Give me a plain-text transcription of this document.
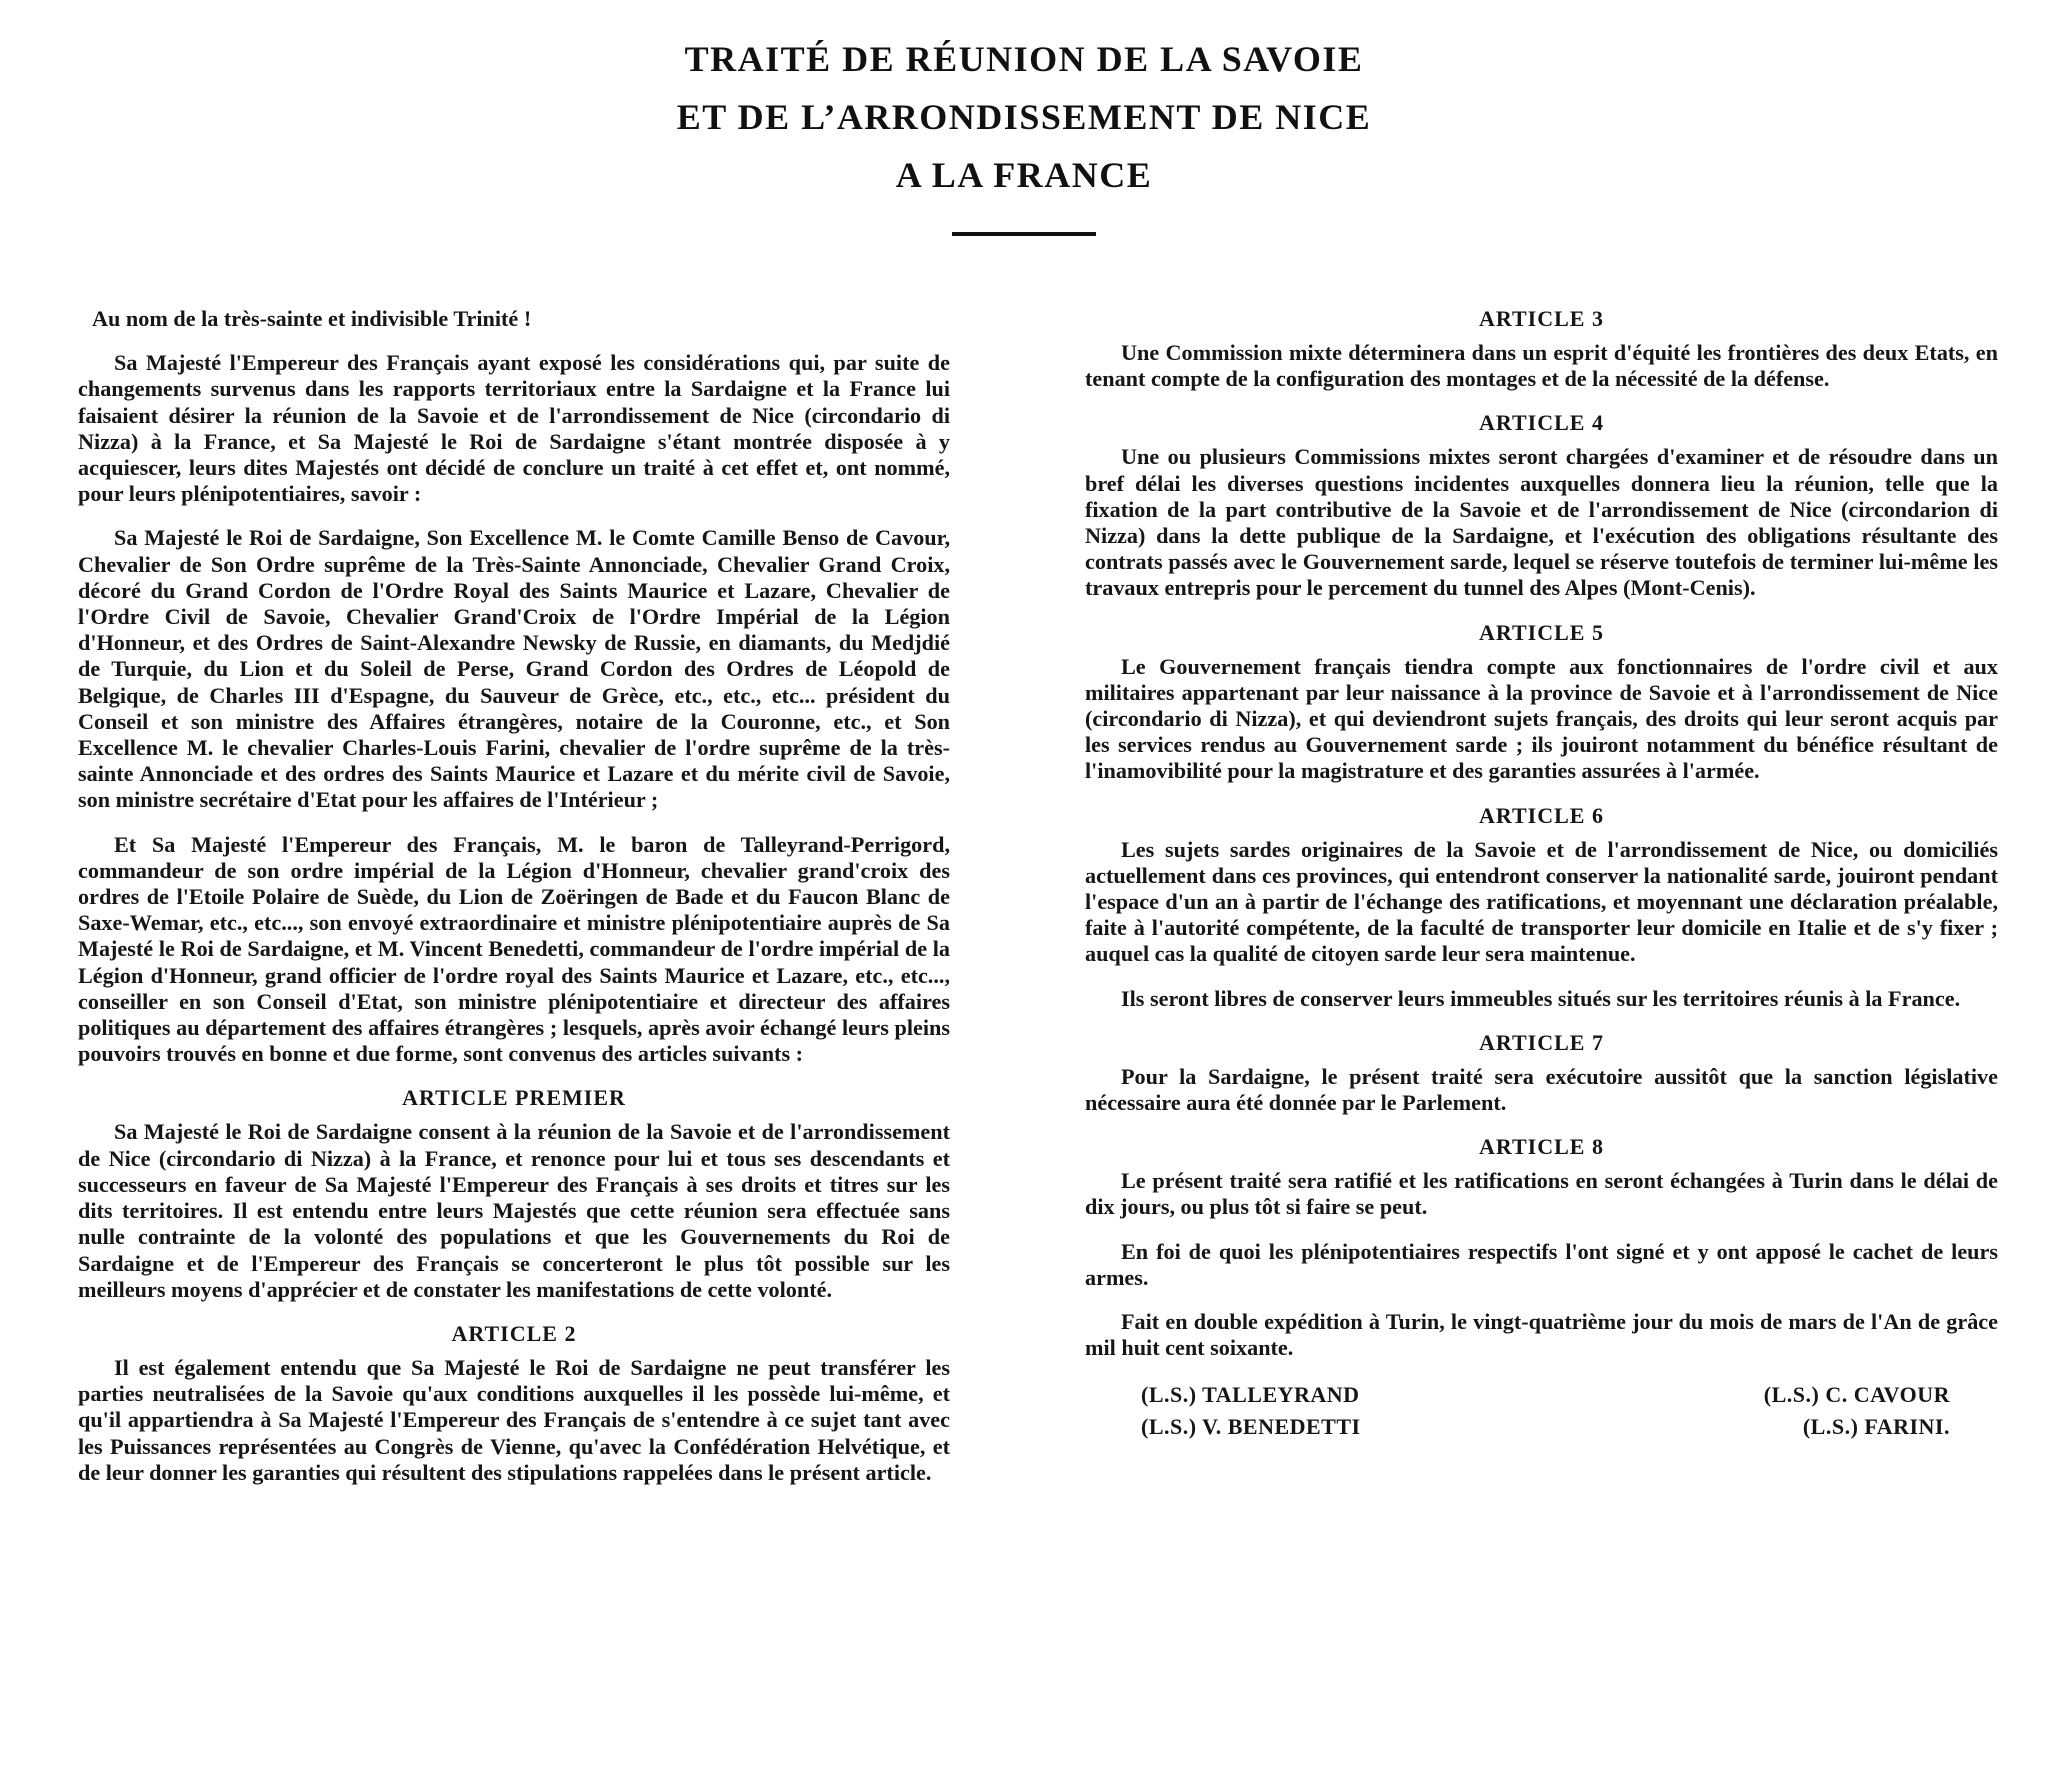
TRAITÉ DE RÉUNION DE LA SAVOIE
ET DE L’ARRONDISSEMENT DE NICE
A LA FRANCE

Au nom de la très-sainte et indivisible Trinité !

Sa Majesté l'Empereur des Français ayant exposé les considérations qui, par suite de changements survenus dans les rapports territoriaux entre la Sardaigne et la France lui faisaient désirer la réunion de la Savoie et de l'arrondissement de Nice (circondario di Nizza) à la France, et Sa Majesté le Roi de Sardaigne s'étant montrée disposée à y acquiescer, leurs dites Majestés ont décidé de conclure un traité à cet effet et, ont nommé, pour leurs plénipotentiaires, savoir :

Sa Majesté le Roi de Sardaigne, Son Excellence M. le Comte Camille Benso de Cavour, Chevalier de Son Ordre suprême de la Très-Sainte Annonciade, Chevalier Grand Croix, décoré du Grand Cordon de l'Ordre Royal des Saints Maurice et Lazare, Chevalier de l'Ordre Civil de Savoie, Chevalier Grand'Croix de l'Ordre Impérial de la Légion d'Honneur, et des Ordres de Saint-Alexandre Newsky de Russie, en diamants, du Medjdié de Turquie, du Lion et du Soleil de Perse, Grand Cordon des Ordres de Léopold de Belgique, de Charles III d'Espagne, du Sauveur de Grèce, etc., etc., etc... président du Conseil et son ministre des Affaires étrangères, notaire de la Couronne, etc., et Son Excellence M. le chevalier Charles-Louis Farini, chevalier de l'ordre suprême de la très-sainte Annonciade et des ordres des Saints Maurice et Lazare et du mérite civil de Savoie, son ministre secrétaire d'Etat pour les affaires de l'Intérieur ;

Et Sa Majesté l'Empereur des Français, M. le baron de Talleyrand-Perrigord, commandeur de son ordre impérial de la Légion d'Honneur, chevalier grand'croix des ordres de l'Etoile Polaire de Suède, du Lion de Zoëringen de Bade et du Faucon Blanc de Saxe-Wemar, etc., etc..., son envoyé extraordinaire et ministre plénipotentiaire auprès de Sa Majesté le Roi de Sardaigne, et M. Vincent Benedetti, commandeur de l'ordre impérial de la Légion d'Honneur, grand officier de l'ordre royal des Saints Maurice et Lazare, etc., etc..., conseiller en son Conseil d'Etat, son ministre plénipotentiaire et directeur des affaires politiques au département des affaires étrangères ; lesquels, après avoir échangé leurs pleins pouvoirs trouvés en bonne et due forme, sont convenus des articles suivants :

ARTICLE PREMIER

Sa Majesté le Roi de Sardaigne consent à la réunion de la Savoie et de l'arrondissement de Nice (circondario di Nizza) à la France, et renonce pour lui et tous ses descendants et successeurs en faveur de Sa Majesté l'Empereur des Français à ses droits et titres sur les dits territoires. Il est entendu entre leurs Majestés que cette réunion sera effectuée sans nulle contrainte de la volonté des populations et que les Gouvernements du Roi de Sardaigne et de l'Empereur des Français se concerteront le plus tôt possible sur les meilleurs moyens d'apprécier et de constater les manifestations de cette volonté.

ARTICLE 2

Il est également entendu que Sa Majesté le Roi de Sardaigne ne peut transférer les parties neutralisées de la Savoie qu'aux conditions auxquelles il les possède lui-même, et qu'il appartiendra à Sa Majesté l'Empereur des Français de s'entendre à ce sujet tant avec les Puissances représentées au Congrès de Vienne, qu'avec la Confédération Helvétique, et de leur donner les garanties qui résultent des stipulations rappelées dans le présent article.

ARTICLE 3

Une Commission mixte déterminera dans un esprit d'équité les frontières des deux Etats, en tenant compte de la configuration des montages et de la nécessité de la défense.

ARTICLE 4

Une ou plusieurs Commissions mixtes seront chargées d'examiner et de résoudre dans un bref délai les diverses questions incidentes auxquelles donnera lieu la réunion, telle que la fixation de la part contributive de la Savoie et de l'arrondissement de Nice (circondarion di Nizza) dans la dette publique de la Sardaigne, et l'exécution des obligations résultante des contrats passés avec le Gouvernement sarde, lequel se réserve toutefois de terminer lui-même les travaux entrepris pour le percement du tunnel des Alpes (Mont-Cenis).

ARTICLE 5

Le Gouvernement français tiendra compte aux fonctionnaires de l'ordre civil et aux militaires appartenant par leur naissance à la province de Savoie et à l'arrondissement de Nice (circondario di Nizza), et qui deviendront sujets français, des droits qui leur seront acquis par les services rendus au Gouvernement sarde ; ils jouiront notamment du bénéfice résultant de l'inamovibilité pour la magistrature et des garanties assurées à l'armée.

ARTICLE 6

Les sujets sardes originaires de la Savoie et de l'arrondissement de Nice, ou domiciliés actuellement dans ces provinces, qui entendront conserver la nationalité sarde, jouiront pendant l'espace d'un an à partir de l'échange des ratifications, et moyennant une déclaration préalable, faite à l'autorité compétente, de la faculté de transporter leur domicile en Italie et de s'y fixer ; auquel cas la qualité de citoyen sarde leur sera maintenue.

Ils seront libres de conserver leurs immeubles situés sur les territoires réunis à la France.

ARTICLE 7

Pour la Sardaigne, le présent traité sera exécutoire aussitôt que la sanction législative nécessaire aura été donnée par le Parlement.

ARTICLE 8

Le présent traité sera ratifié et les ratifications en seront échangées à Turin dans le délai de dix jours, ou plus tôt si faire se peut.

En foi de quoi les plénipotentiaires respectifs l'ont signé et y ont apposé le cachet de leurs armes.

Fait en double expédition à Turin, le vingt-quatrième jour du mois de mars de l'An de grâce mil huit cent soixante.

(L.S.) TALLEYRAND	(L.S.) C. CAVOUR
(L.S.) V. BENEDETTI	(L.S.) FARINI.
